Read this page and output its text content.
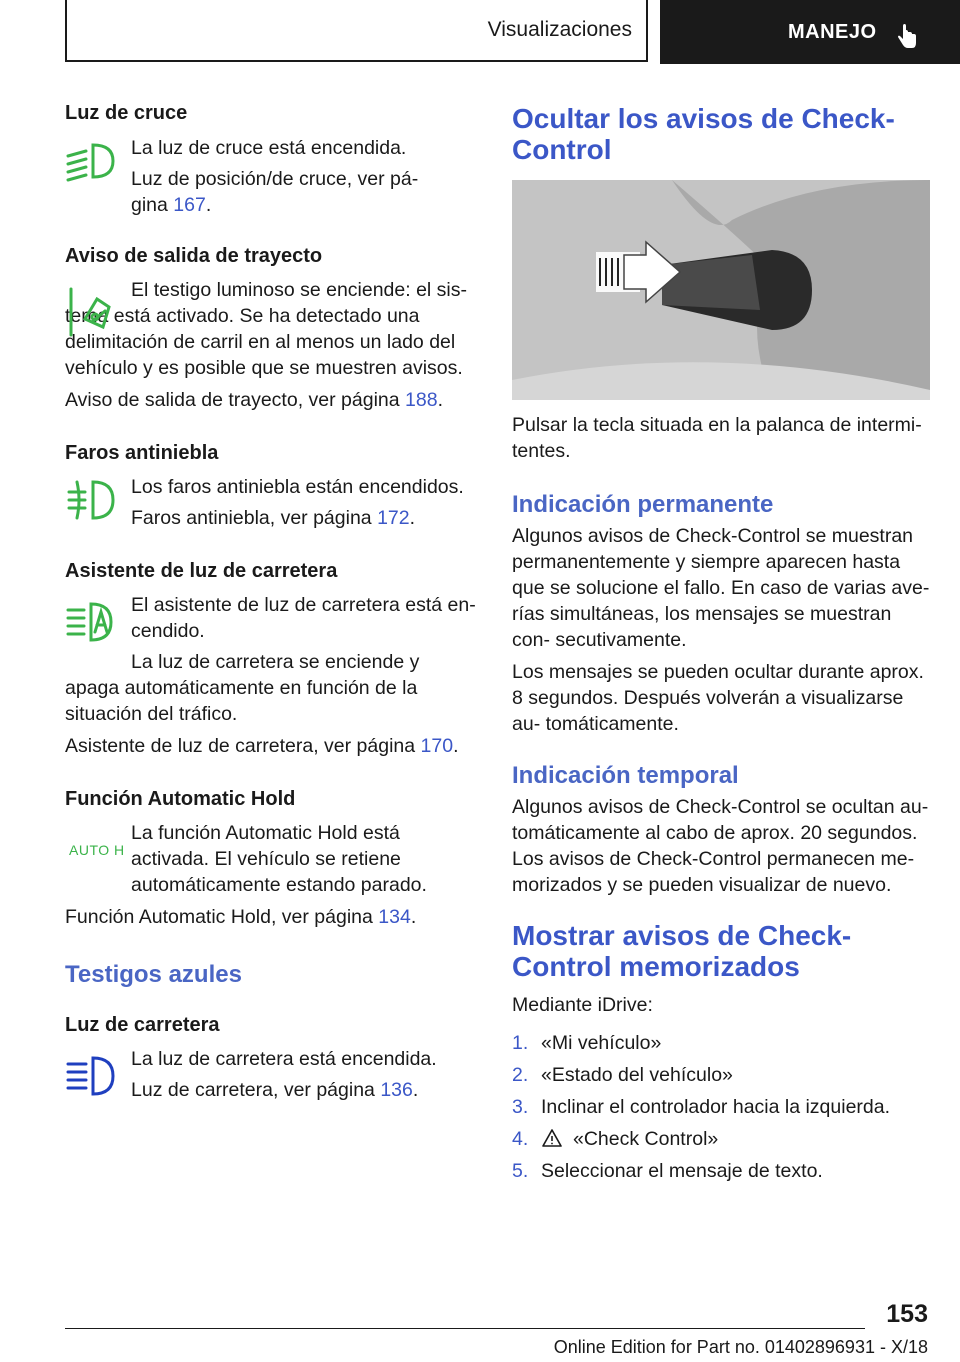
Visualizaciones	MANEJO
Luz de cruce

La luz de cruce está encendida.

Luz de posición/de cruce, ver pá-
gina 167.

Aviso de salida de trayecto

El testigo luminoso se enciende: el sis- tema está activado. Se ha detectado una delimitación de carril en al menos un lado del vehículo y es posible que se muestren avisos.

Aviso de salida de trayecto, ver página 188.

Faros antiniebla

Los faros antiniebla están encendidos.

Faros antiniebla, ver página 172.

Asistente de luz de carretera

El asistente de luz de carretera está en- cendido.

La luz de carretera se enciende y apaga automáticamente en función de la situación del tráfico.

Asistente de luz de carretera, ver página 170.

Función Automatic Hold
AUTO H

La función Automatic Hold está activada. El vehículo se retiene automáticamente estando parado.

Función Automatic Hold, ver página 134.

Testigos azules
Luz de carretera

La luz de carretera está encendida.

Luz de carretera, ver página 136.

Ocultar los avisos de Check-Control

Pulsar la tecla situada en la palanca de intermi- tentes.

Indicación permanente

Algunos avisos de Check-Control se muestran permanentemente y siempre aparecen hasta que se solucione el fallo. En caso de varias ave- rías simultáneas, los mensajes se muestran con- secutivamente.

Los mensajes se pueden ocultar durante aprox. 8 segundos. Después volverán a visualizarse au- tomáticamente.

Indicación temporal

Algunos avisos de Check-Control se ocultan au- tomáticamente al cabo de aprox. 20 segundos. Los avisos de Check-Control permanecen me- morizados y se pueden visualizar de nuevo.

Mostrar avisos de Check-Control memorizados

Mediante iDrive:

1. «Mi vehículo»
2. «Estado del vehículo»
3. Inclinar el controlador hacia la izquierda.
4. «Check Control»
5. Seleccionar el mensaje de texto.
153
Online Edition for Part no. 01402896931 - X/18
